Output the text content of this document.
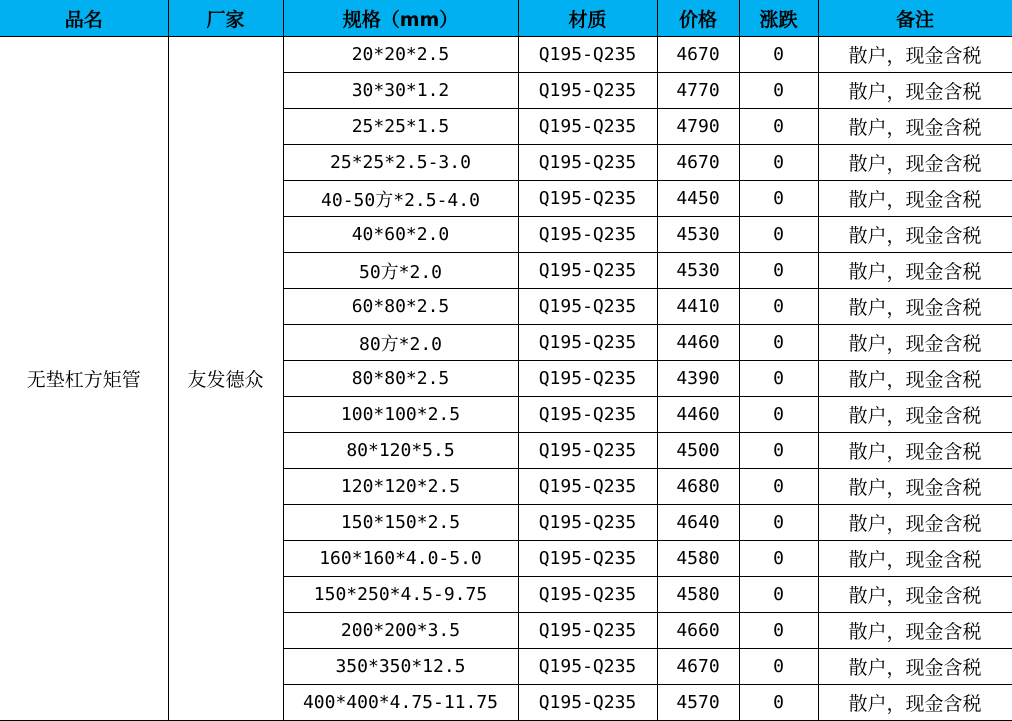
品名	厂家	规格（mm）	材质	价格	涨跌	备注
无垫杠方矩管	友发德众	20*20*2.5	Q195-Q235	4670	0	散户，现金含税
		30*30*1.2	Q195-Q235	4770	0	散户，现金含税
		25*25*1.5	Q195-Q235	4790	0	散户，现金含税
		25*25*2.5-3.0	Q195-Q235	4670	0	散户，现金含税
		40-50方*2.5-4.0	Q195-Q235	4450	0	散户，现金含税
		40*60*2.0	Q195-Q235	4530	0	散户，现金含税
		50方*2.0	Q195-Q235	4530	0	散户，现金含税
		60*80*2.5	Q195-Q235	4410	0	散户，现金含税
		80方*2.0	Q195-Q235	4460	0	散户，现金含税
		80*80*2.5	Q195-Q235	4390	0	散户，现金含税
		100*100*2.5	Q195-Q235	4460	0	散户，现金含税
		80*120*5.5	Q195-Q235	4500	0	散户，现金含税
		120*120*2.5	Q195-Q235	4680	0	散户，现金含税
		150*150*2.5	Q195-Q235	4640	0	散户，现金含税
		160*160*4.0-5.0	Q195-Q235	4580	0	散户，现金含税
		150*250*4.5-9.75	Q195-Q235	4580	0	散户，现金含税
		200*200*3.5	Q195-Q235	4660	0	散户，现金含税
		350*350*12.5	Q195-Q235	4670	0	散户，现金含税
		400*400*4.75-11.75	Q195-Q235	4570	0	散户，现金含税
